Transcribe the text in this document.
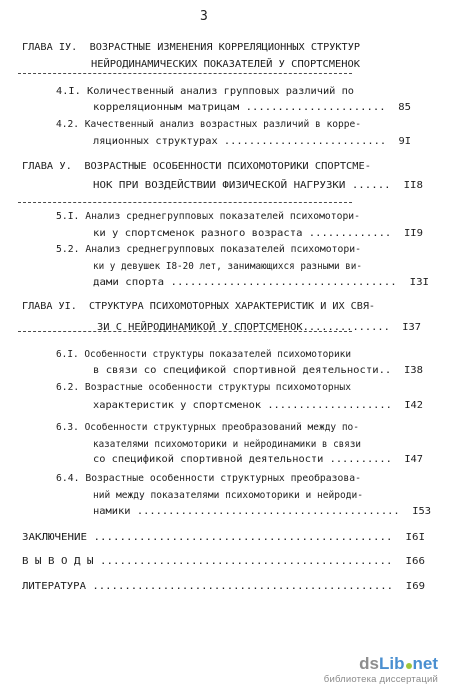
3
ГЛАВА IУ.  ВОЗРАСТНЫЕ ИЗМЕНЕНИЯ КОРРЕЛЯЦИОННЫХ СТРУКТУР
НЕЙРОДИНАМИЧЕСКИХ ПОКАЗАТЕЛЕЙ У СПОРТСМЕНОК
4.I. Количественный анализ групповых различий по
корреляционным матрицам ......................  85
4.2. Качественный анализ возрастных различий в корре-
ляционных структурах ..........................  9I
ГЛАВА У.  ВОЗРАСТНЫЕ ОСОБЕННОСТИ ПСИХОМОТОРИКИ СПОРТСМЕ-
НОК ПРИ ВОЗДЕЙСТВИИ ФИЗИЧЕСКОЙ НАГРУЗКИ ......  II8
5.I. Анализ среднегрупповых показателей психомотори-
ки у спортсменок разного возраста .............  II9
5.2. Анализ среднегрупповых показателей психомотори-
ки у девушек I8-20 лет, занимающихся разными ви-
дами спорта ...................................  I3I
ГЛАВА УI.  СТРУКТУРА ПСИХОМОТОРНЫХ ХАРАКТЕРИСТИК И ИХ СВЯ-
ЗИ С НЕЙРОДИНАМИКОЙ У СПОРТСМЕНОК..............  I37
6.I. Особенности структуры показателей психомоторики
в связи со спецификой спортивной деятельности..  I38
6.2. Возрастные особенности структуры психомоторных
характеристик у спортсменок ....................  I42
6.3. Особенности структурных преобразований между по-
казателями психомоторики и нейродинамики в связи
со спецификой спортивной деятельности ..........  I47
6.4. Возрастные особенности структурных преобразова-
ний между показателями психомоторики и нейроди-
намики ..........................................  I53
ЗАКЛЮЧЕНИЕ ..............................................  I6I
В Ы В О Д Ы .............................................  I66
ЛИТЕРАТУРА ...............................................  I69
ds Lib net
библиотека диссертаций
